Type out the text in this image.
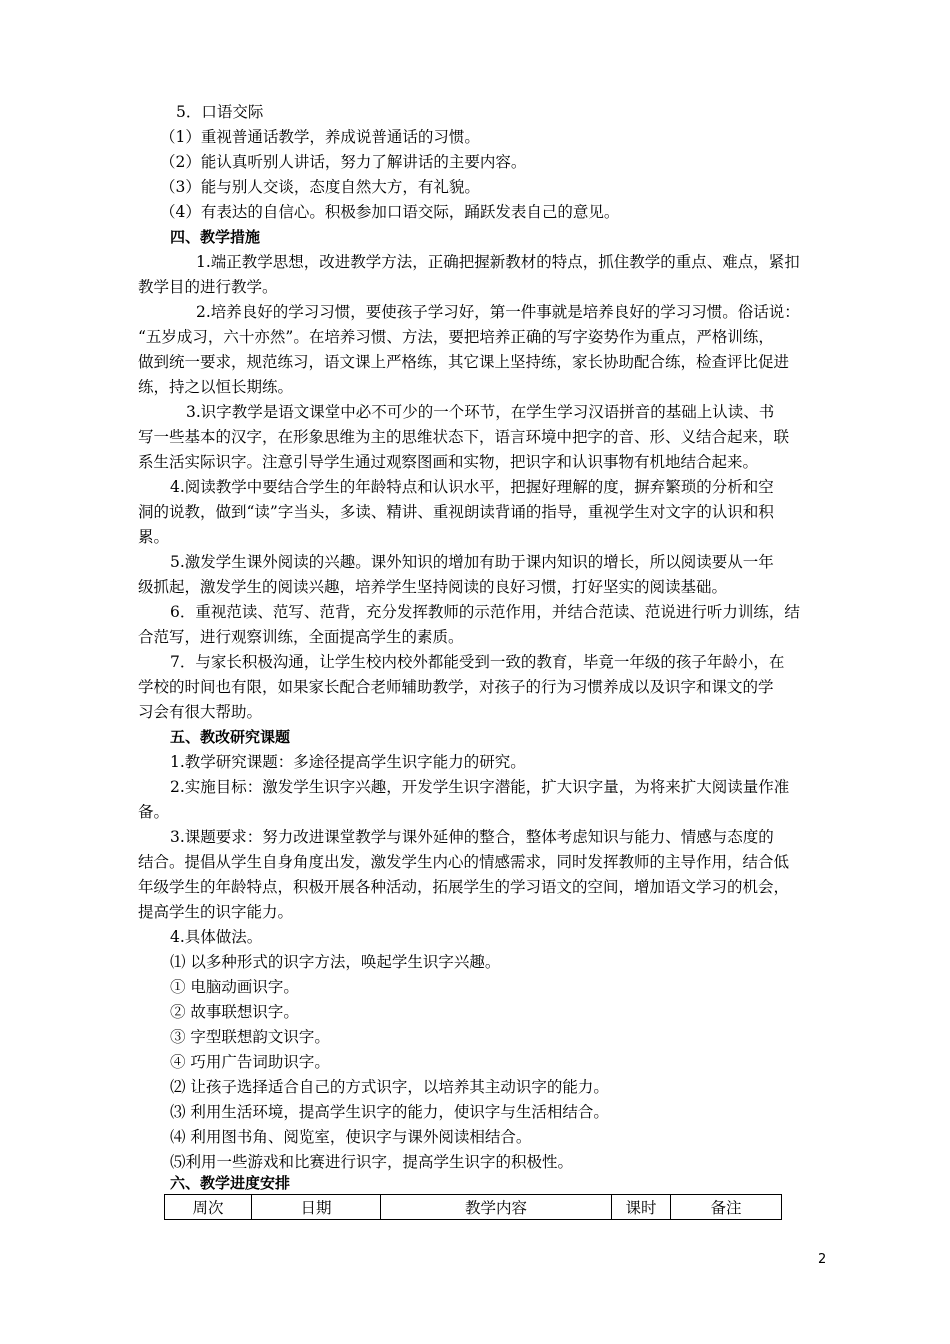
5．口语交际
（1）重视普通话教学，养成说普通话的习惯。
（2）能认真听别人讲话，努力了解讲话的主要内容。
（3）能与别人交谈，态度自然大方，有礼貌。
（4）有表达的自信心。积极参加口语交际，踊跃发表自己的意见。
四、教学措施
1.端正教学思想，改进教学方法，正确把握新教材的特点，抓住教学的重点、难点，紧扣
教学目的进行教学。
2.培养良好的学习习惯，要使孩子学习好，第一件事就是培养良好的学习习惯。俗话说：
“五岁成习，六十亦然”。在培养习惯、方法，要把培养正确的写字姿势作为重点，严格训练，
做到统一要求，规范练习，语文课上严格练，其它课上坚持练，家长协助配合练，检查评比促进
练，持之以恒长期练。
3.识字教学是语文课堂中必不可少的一个环节，在学生学习汉语拼音的基础上认读、书
写一些基本的汉字，在形象思维为主的思维状态下，语言环境中把字的音、形、义结合起来，联
系生活实际识字。注意引导学生通过观察图画和实物，把识字和认识事物有机地结合起来。
4.阅读教学中要结合学生的年龄特点和认识水平，把握好理解的度，摒弃繁琐的分析和空
洞的说教，做到“读”字当头，多读、精讲、重视朗读背诵的指导，重视学生对文字的认识和积
累。
5.激发学生课外阅读的兴趣。课外知识的增加有助于课内知识的增长，所以阅读要从一年
级抓起，激发学生的阅读兴趣，培养学生坚持阅读的良好习惯，打好坚实的阅读基础。
6．重视范读、范写、范背，充分发挥教师的示范作用，并结合范读、范说进行听力训练，结
合范写，进行观察训练，全面提高学生的素质。
7．与家长积极沟通，让学生校内校外都能受到一致的教育，毕竟一年级的孩子年龄小，在
学校的时间也有限，如果家长配合老师辅助教学，对孩子的行为习惯养成以及识字和课文的学
习会有很大帮助。
五、教改研究课题
1.教学研究课题：多途径提高学生识字能力的研究。
2.实施目标：激发学生识字兴趣，开发学生识字潜能，扩大识字量，为将来扩大阅读量作准
备。
3.课题要求：努力改进课堂教学与课外延伸的整合，整体考虑知识与能力、情感与态度的
结合。提倡从学生自身角度出发，激发学生内心的情感需求，同时发挥教师的主导作用，结合低
年级学生的年龄特点，积极开展各种活动，拓展学生的学习语文的空间，增加语文学习的机会，
提高学生的识字能力。
4.具体做法。
⑴ 以多种形式的识字方法，唤起学生识字兴趣。
① 电脑动画识字。
② 故事联想识字。
③ 字型联想韵文识字。
④ 巧用广告词助识字。
⑵ 让孩子选择适合自己的方式识字，以培养其主动识字的能力。
⑶ 利用生活环境，提高学生识字的能力，使识字与生活相结合。
⑷ 利用图书角、阅览室，使识字与课外阅读相结合。
⑸利用一些游戏和比赛进行识字，提高学生识字的积极性。
六、教学进度安排
周次	日期	教学内容	课时	备注
2
